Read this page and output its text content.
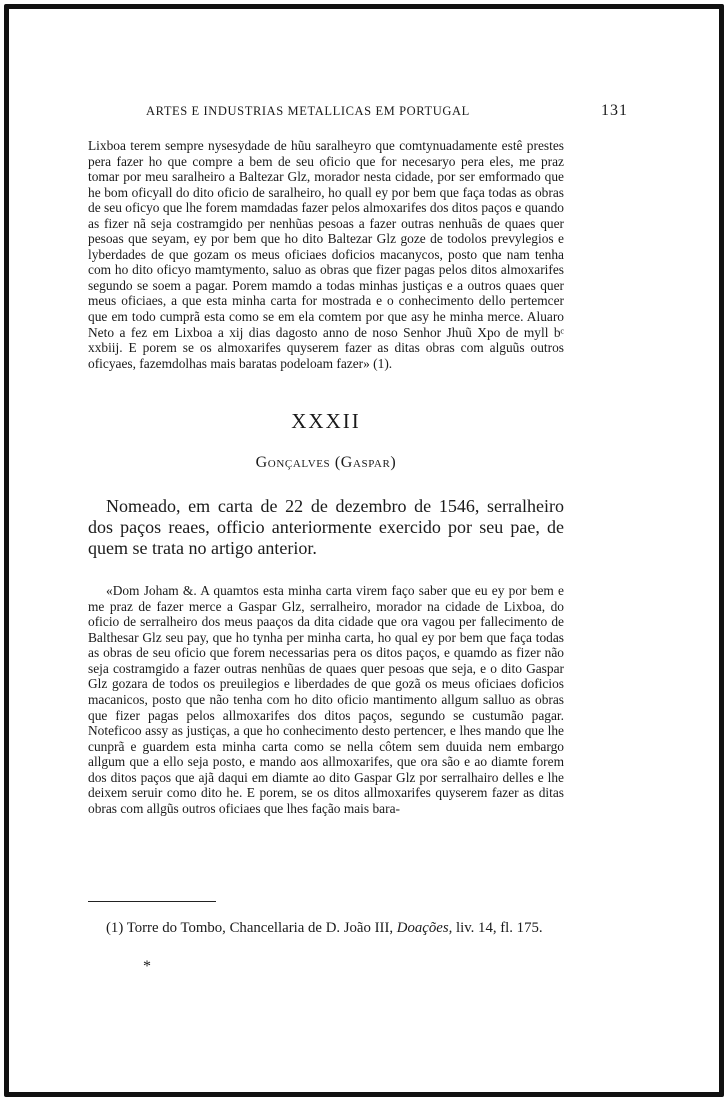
ARTES E INDUSTRIAS METALLICAS EM PORTUGAL	131

Lixboa terem sempre nysesydade de hũu saralheyro que comtynuadamente estê prestes pera fazer ho que compre a bem de seu oficio que for necesaryo pera eles, me praz tomar por meu saralheiro a Baltezar Glz, morador nesta cidade, por ser emformado que he bom oficyall do dito oficio de saralheiro, ho quall ey por bem que faça todas as obras de seu oficyo que lhe forem mamdadas fazer pelos almoxarifes dos ditos paços e quando as fizer nã seja costramgido per nenhũas pesoas a fazer outras nenhuãs de quaes quer pesoas que seyam, ey por bem que ho dito Baltezar Glz goze de todolos prevylegios e lyberdades de que gozam os meus oficiaes doficios macanycos, posto que nam tenha com ho dito oficyo mamtymento, saluo as obras que fizer pagas pelos ditos almoxarifes segundo se soem a pagar. Porem mamdo a todas minhas justiças e a outros quaes quer meus oficiaes, a que esta minha carta for mostrada e o conhecimento dello pertemcer que em todo cumprã esta como se em ela comtem por que asy he minha merce. Aluaro Neto a fez em Lixboa a xij dias dagosto anno de noso Senhor Jhuũ Xpo de myll bᶜ xxbiij. E porem se os almoxarifes quyserem fazer as ditas obras com alguũs outros oficyaes, fazemdolhas mais baratas podeloam fazer» (1).

XXXII
Gonçalves (Gaspar)

Nomeado, em carta de 22 de dezembro de 1546, serralheiro dos paços reaes, officio anteriormente exercido por seu pae, de quem se trata no artigo anterior.

«Dom Joham &. A quamtos esta minha carta virem faço saber que eu ey por bem e me praz de fazer merce a Gaspar Glz, serralheiro, morador na cidade de Lixboa, do oficio de serralheiro dos meus paaços da dita cidade que ora vagou per fallecimento de Balthesar Glz seu pay, que ho tynha per minha carta, ho qual ey por bem que faça todas as obras de seu oficio que forem necessarias pera os ditos paços, e quamdo as fizer não seja costramgido a fazer outras nenhũas de quaes quer pesoas que seja, e o dito Gaspar Glz gozara de todos os preuilegios e liberdades de que gozã os meus oficiaes doficios macanicos, posto que não tenha com ho dito oficio mantimento allgum salluo as obras que fizer pagas pelos allmoxarifes dos ditos paços, segundo se custumão pagar. Noteficoo assy as justiças, a que ho conhecimento desto pertencer, e lhes mando que lhe cunprã e guardem esta minha carta como se nella côtem sem duuida nem embargo allgum que a ello seja posto, e mando aos allmoxarifes, que ora são e ao diamte forem dos ditos paços que ajã daqui em diamte ao dito Gaspar Glz por serralhairo delles e lhe deixem seruir como dito he. E porem, se os ditos allmoxarifes quyserem fazer as ditas obras com allgũs outros oficiaes que lhes fação mais bara-

(1) Torre do Tombo, Chancellaria de D. João III, Doações, liv. 14, fl. 175.
*
